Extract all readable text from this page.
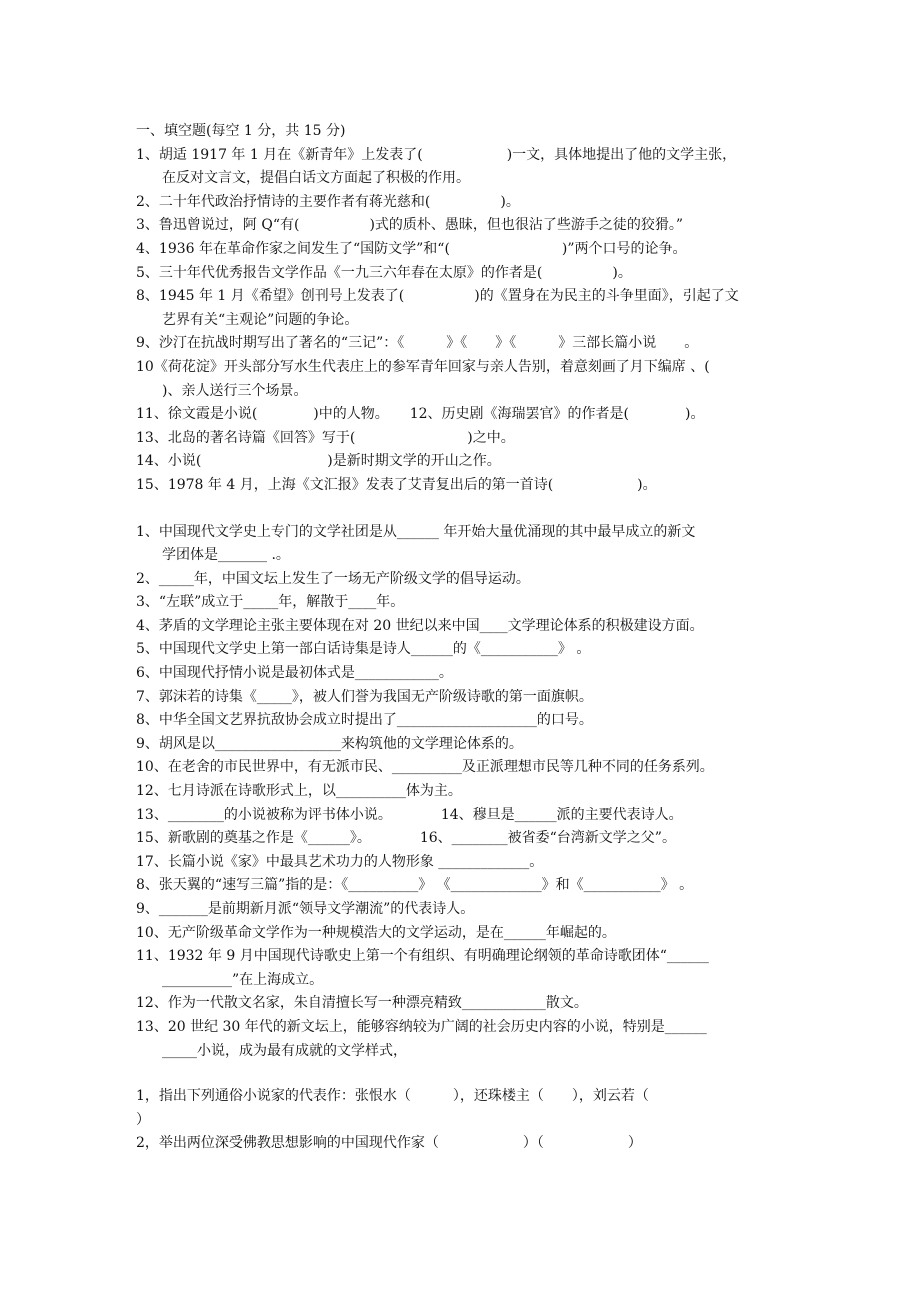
一、填空题(每空 1 分，共 15 分)
1、胡适 1917 年 1 月在《新青年》上发表了(　　　　　　)一文，具体地提出了他的文学主张，
在反对文言文，提倡白话文方面起了积极的作用。
2、二十年代政治抒情诗的主要作者有蒋光慈和(　　　　　)。
3、鲁迅曾说过，阿 Q“有(　　　　　)式的质朴、愚昧，但也很沾了些游手之徒的狡猾。”
4、1936 年在革命作家之间发生了“国防文学”和“(　　　　　　　　)”两个口号的论争。
5、三十年代优秀报告文学作品《一九三六年春在太原》的作者是(　　　　　)。
8、1945 年 1 月《希望》创刊号上发表了(　　　　　)的《置身在为民主的斗争里面》，引起了文
艺界有关“主观论”问题的争论。
9、沙汀在抗战时期写出了著名的“三记”：《　　　》《　　》《　　　》三部长篇小说　　。
10《荷花淀》开头部分写水生代表庄上的参军青年回家与亲人告别，着意刻画了月下编席 、(
)、亲人送行三个场景。
11、徐文霞是小说(　　　　)中的人物。　　12、历史剧《海瑞罢官》的作者是(　　　　)。
13、北岛的著名诗篇《回答》写于(　　　　　　　　)之中。
14、小说(　　　　　　　　　)是新时期文学的开山之作。
15、1978 年 4 月，上海《文汇报》发表了艾青复出后的第一首诗(　　　　　　)。
1、中国现代文学史上专门的文学社团是从______ 年开始大量优涌现的其中最早成立的新文
学团体是_______ .。
2、_____年，中国文坛上发生了一场无产阶级文学的倡导运动。
3、“左联”成立于_____年，解散于____年。
4、茅盾的文学理论主张主要体现在对 20 世纪以来中国____文学理论体系的积极建设方面。
5、中国现代文学史上第一部白话诗集是诗人______的《___________》 。
6、中国现代抒情小说是最初体式是____________。
7、郭沫若的诗集《_____》，被人们誉为我国无产阶级诗歌的第一面旗帜。
8、中华全国文艺界抗敌协会成立时提出了____________________的口号。
9、胡风是以__________________来构筑他的文学理论体系的。
10、在老舍的市民世界中，有无派市民、__________及正派理想市民等几种不同的任务系列。
12、七月诗派在诗歌形式上，以__________体为主。
13、________的小说被称为评书体小说。　　　　14、穆旦是______派的主要代表诗人。
15、新歌剧的奠基之作是《______》。　　　　16、________被省委“台湾新文学之父”。
17、长篇小说《家》中最具艺术功力的人物形象 _____________。
8、张天翼的“速写三篇”指的是：《__________》 《_____________》和《___________》 。
9、_______是前期新月派“领导文学潮流”的代表诗人。
10、无产阶级革命文学作为一种规模浩大的文学运动，是在______年崛起的。
11、1932 年 9 月中国现代诗歌史上第一个有组织、有明确理论纲领的革命诗歌团体“______
__________”在上海成立。
12、作为一代散文名家，朱自清擅长写一种漂亮精致____________散文。
13、20 世纪 30 年代的新文坛上，能够容纳较为广阔的社会历史内容的小说，特别是______
_____小说，成为最有成就的文学样式，
1，指出下列通俗小说家的代表作：张恨水（　　　），还珠楼主（　　），刘云若（
）
2，举出两位深受佛教思想影响的中国现代作家（　　　　　　）（　　　　　　）
